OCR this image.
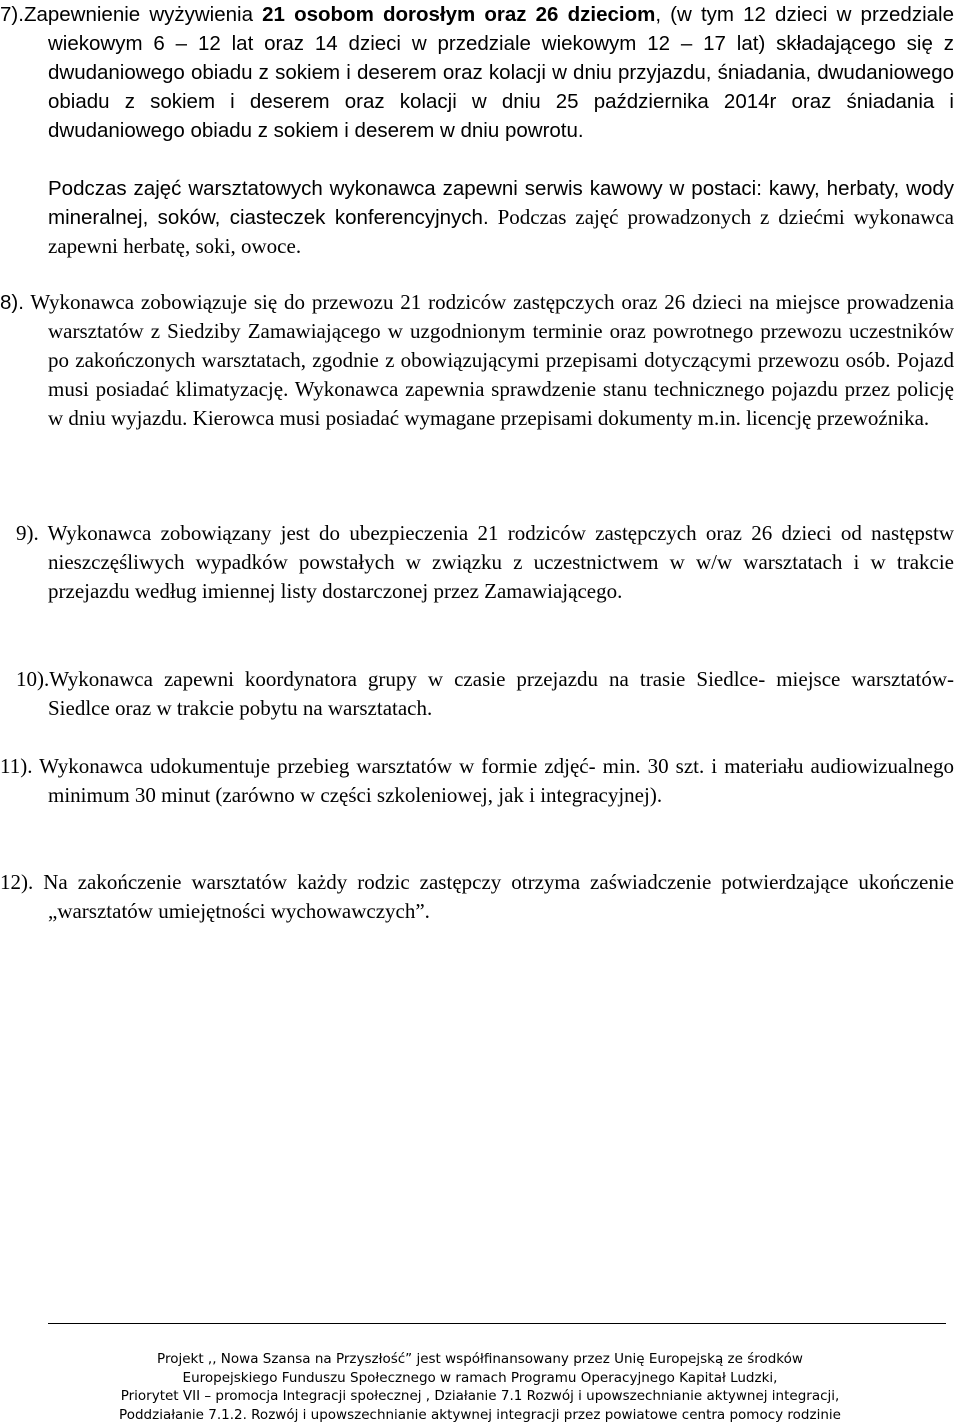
7).Zapewnienie wyżywienia 21 osobom dorosłym oraz 26 dzieciom, (w tym 12 dzieci w przedziale wiekowym 6 – 12 lat oraz 14 dzieci w przedziale wiekowym 12 – 17 lat) składającego się z dwudaniowego obiadu z sokiem i deserem oraz kolacji w dniu przyjazdu, śniadania, dwudaniowego obiadu z sokiem i deserem oraz kolacji w dniu 25 października 2014r oraz śniadania i dwudaniowego obiadu z sokiem i deserem w dniu powrotu.

Podczas zajęć warsztatowych wykonawca zapewni serwis kawowy w postaci: kawy, herbaty, wody mineralnej, soków, ciasteczek konferencyjnych. Podczas zajęć prowadzonych z dziećmi wykonawca zapewni herbatę, soki, owoce.

8). Wykonawca zobowiązuje się do przewozu 21 rodziców zastępczych oraz 26 dzieci na miejsce prowadzenia warsztatów z Siedziby Zamawiającego w uzgodnionym terminie oraz powrotnego przewozu uczestników po zakończonych warsztatach, zgodnie z obowiązującymi przepisami dotyczącymi przewozu osób. Pojazd musi posiadać klimatyzację. Wykonawca zapewnia sprawdzenie stanu technicznego pojazdu przez policję w dniu wyjazdu. Kierowca musi posiadać wymagane przepisami dokumenty m.in. licencję przewoźnika.

9). Wykonawca zobowiązany jest do ubezpieczenia 21 rodziców zastępczych oraz 26 dzieci od następstw nieszczęśliwych wypadków powstałych w związku z uczestnictwem w w/w warsztatach i w trakcie przejazdu według imiennej listy dostarczonej przez Zamawiającego.

10).Wykonawca zapewni koordynatora grupy w czasie przejazdu na trasie Siedlce- miejsce warsztatów- Siedlce oraz w trakcie pobytu na warsztatach.

11). Wykonawca udokumentuje przebieg warsztatów w formie zdjęć- min. 30 szt. i materiału audiowizualnego minimum 30 minut (zarówno w części szkoleniowej, jak i integracyjnej).

12). Na zakończenie warsztatów każdy rodzic zastępczy otrzyma zaświadczenie potwierdzające ukończenie „warsztatów umiejętności wychowawczych”.

Projekt ,, Nowa Szansa na Przyszłość” jest współfinansowany przez Unię Europejską ze środków
Europejskiego Funduszu Społecznego w ramach Programu Operacyjnego Kapitał Ludzki,
Priorytet VII – promocja Integracji społecznej , Działanie 7.1 Rozwój i upowszechnianie aktywnej integracji,
Poddziałanie 7.1.2. Rozwój i upowszechnianie aktywnej integracji przez powiatowe centra pomocy rodzinie
